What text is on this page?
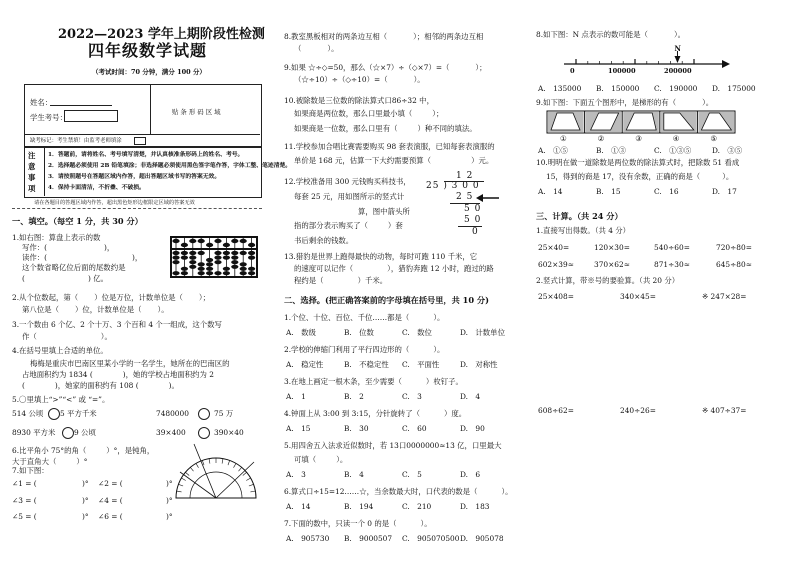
2022—2023 学年上期阶段性检测
四年级数学试题
（考试时间：70 分钟，满分 100 分）
姓名：
学生考号：
贴 条 形 码 区 域
缺考标记：考生禁填！由监考老师填涂
注意事项
1．答题前，请将姓名、考号填写清楚，并认真核准条形码上的姓名、考号。
2．选择题必须使用 2B 铅笔填涂；非选择题必须使用黑色签字笔作答，字体工整、笔迹清楚。
3．请按照题号在答题区域内作答，超出答题区域书写的答案无效。
4．保持卡面清洁，不折叠、不破损。
请在各题目的答题区域内作答，超出黑色矩形边框限定区域的答案无效
一、填空。（每空 1 分，共 30 分）
1.如右图：算盘上表示的数
写作：(	)，
读作：(	)，
这个数省略亿位后面的尾数约是
(	) 亿。
2.从个位数起，第（ ）位是万位，计数单位是（ ）；
第八位是（ ）位，计数单位是（ ）。
3.一个数由 6 个亿、2 个十万、3 个百和 4 个一组成，这个数写
作（	）。
4.在括号里填上合适的单位。
梅梅是重庆市巴南区里某小学的一名学生，她所在的巴南区的
占地面积约为 1834 (	)，她的学校占地面积约为 2
(	)，她家的面积约有 108 (	)。
5.〇里填上“>”“<” 或 “=”。
514 公顷 5 平方千米	7480000	75 万
8930 平方米	9 公顷	39×400	390×40
6.比平角小 75°的角（	）°，是钝角，
大于直角大（	）°
7.如下图：
∠1 = (	)° ∠2 = (	)°
∠3 = (	)° ∠4 = (	)°
∠5 = (	)° ∠6 = (	)°
8.教室黑板相对的两条边互相（	）；相邻的两条边互相
（	）。
9.如果 ☆÷◇=50，那么（☆×7）÷（◇×7）=（	）；
（☆÷10）÷（◇÷10）=（	）。
10.被除数是三位数的除法算式口86÷32 中，
如果商是两位数，那么口里最小填（	）；
如果商是一位数，那么口里有（	）种不同的填法。
11.学校参加合唱比赛需要购买 98 套表演服，已知每套表演服的
单价是 168 元，估算一下大约需要预算（	）元。
12.学校准备用 300 元钱购买科技书，
每套 25 元，用如图所示的竖式计
算，图中箭头所
指的部分表示购买了（	）套
书后剩余的钱数。
1 2
25 ) 3 0 0
2 5
5 0
5 0
0
13.猎豹是世界上跑得最快的动物，每时可跑 110 千米，它
的速度可以记作（	），猎豹奔跑 12 小时，跑过的路
程约是（	）千米。
二、选择。(把正确答案前的字母填在括号里，共 10 分)
1.个位、十位、百位、千位……都是（	）。
A.　数级	B.　位数	C.　数位	D.　计数单位
2.学校的伸缩门利用了平行四边形的（	）。
A.　稳定性	B.　不稳定性 C.　平面性	D.　对称性
3.在地上画定一根木条，至少需要（	）枚钉子。
A.　1	B.　2	C.　3	D.　4
4.钟面上从 3:00 到 3:15，分针旋转了（	）度。
A.　15	B.　30	C.　60	D.　90
5.用四舍五入法求近似数时，若 13口0000000≈13 亿，口里最大
可填（	）。
A.　3	B.　4	C.　5	D.　6
6.算式口÷15=12……☆，当余数最大时，口代表的数是（	）。
A.　14	B.　194	C.　210	D.　183
7.下面的数中，只读一个 0 的是（	）。
A.　905730 B.　9000507 C.　905070500 D.　905078
8.如下图：N 点表示的数可能是（	）。
N
0	100000	200000
A.　135000 B.　150000 C.　190000 D.　175000
9.如下图：下面五个图形中，是梯形的有（	）。
①	②	③	④	⑤
A.　①⑤	B.　①③	C.　①③⑤	D.　③⑤
10.明明在做一道除数是两位数的除法算式时，把除数 51 看成
15，得到的商是 17，没有余数，正确的商是（	）。
A.　14	B.　15	C.　16	D.　17
三、计算。（共 24 分）
1.直接写出得数。（共 4 分）
25×40=	120×30=	540÷60=	720÷80=
602×39≈	370×62≈	871÷30≈	645÷80≈
2.竖式计算，带※号的要验算。（共 20 分）
25×408=	340×45=	※ 247×28=
608÷62=	240÷26=	※ 407÷37=
